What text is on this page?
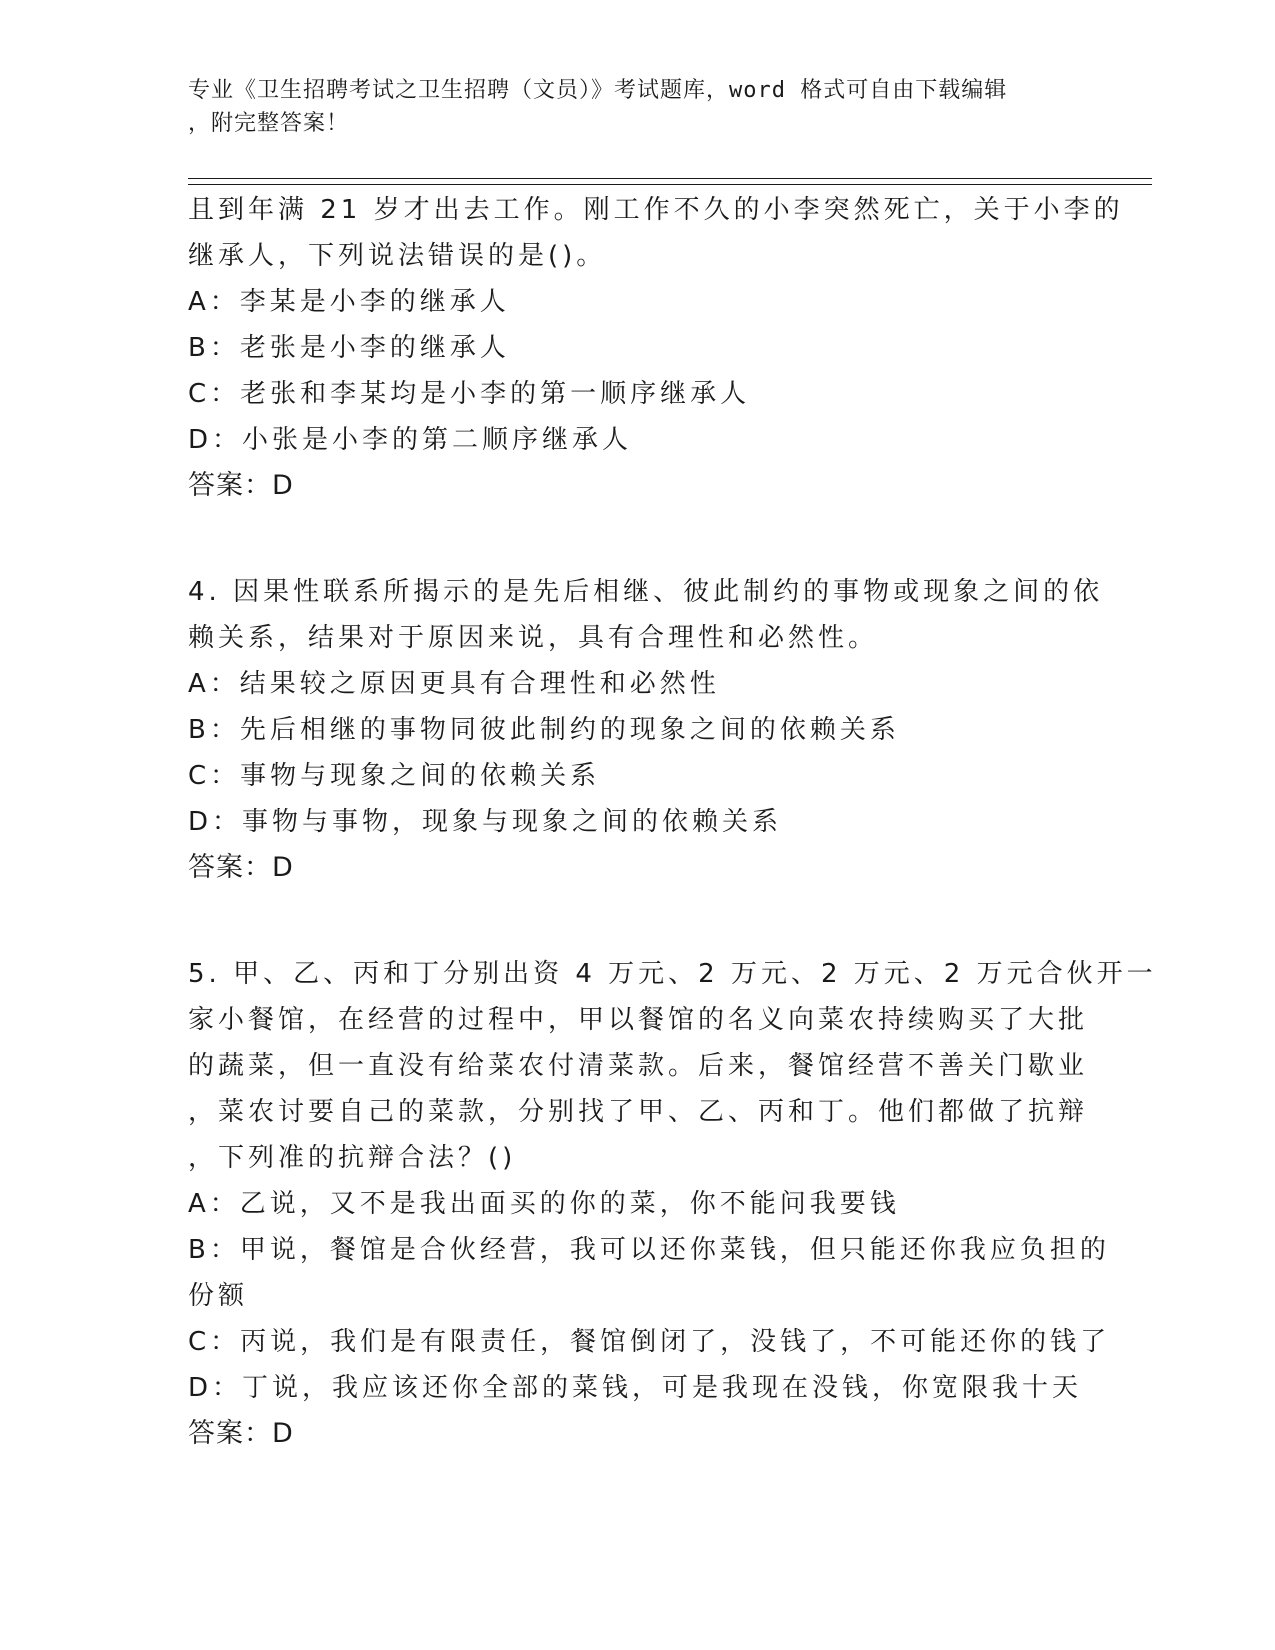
专业《卫生招聘考试之卫生招聘（文员）》考试题库，word 格式可自由下载编辑
，附完整答案！

且到年满 21 岁才出去工作。刚工作不久的小李突然死亡，关于小李的

继承人，下列说法错误的是()。

A：李某是小李的继承人

B：老张是小李的继承人

C：老张和李某均是小李的第一顺序继承人

D：小张是小李的第二顺序继承人

答案：D

4. 因果性联系所揭示的是先后相继、彼此制约的事物或现象之间的依

赖关系，结果对于原因来说，具有合理性和必然性。

A：结果较之原因更具有合理性和必然性

B：先后相继的事物同彼此制约的现象之间的依赖关系

C：事物与现象之间的依赖关系

D：事物与事物，现象与现象之间的依赖关系

答案：D

5. 甲、乙、丙和丁分别出资 4 万元、2 万元、2 万元、2 万元合伙开一

家小餐馆，在经营的过程中，甲以餐馆的名义向菜农持续购买了大批

的蔬菜，但一直没有给菜农付清菜款。后来，餐馆经营不善关门歇业

，菜农讨要自己的菜款，分别找了甲、乙、丙和丁。他们都做了抗辩

，下列准的抗辩合法？()

A：乙说，又不是我出面买的你的菜，你不能问我要钱

B：甲说，餐馆是合伙经营，我可以还你菜钱，但只能还你我应负担的

份额

C：丙说，我们是有限责任，餐馆倒闭了，没钱了，不可能还你的钱了

D：丁说，我应该还你全部的菜钱，可是我现在没钱，你宽限我十天

答案：D
